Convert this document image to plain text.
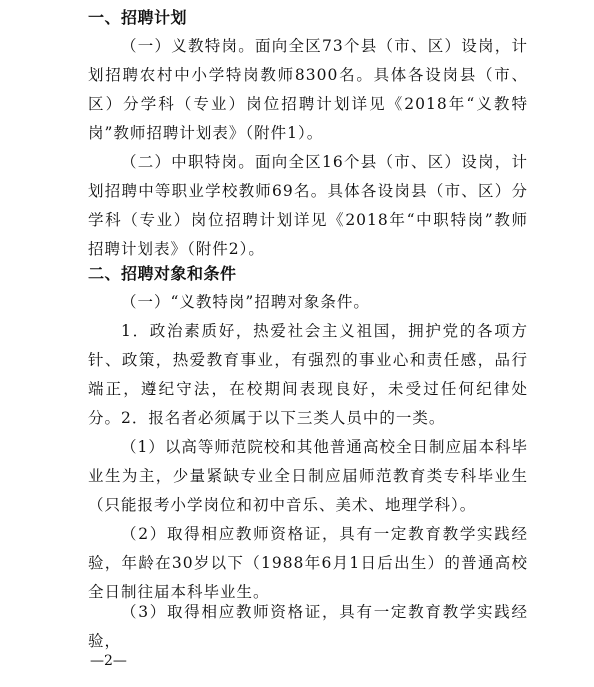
一、招聘计划
（一）义教特岗。面向全区73个县（市、区）设岗，计划招聘农村中小学特岗教师8300名。具体各设岗县（市、区）分学科（专业）岗位招聘计划详见《2018年“义教特岗”教师招聘计划表》（附件1）。
（二）中职特岗。面向全区16个县（市、区）设岗，计划招聘中等职业学校教师69名。具体各设岗县（市、区）分学科（专业）岗位招聘计划详见《2018年“中职特岗”教师招聘计划表》（附件2）。
二、招聘对象和条件
（一）“义教特岗”招聘对象条件。
1．政治素质好，热爱社会主义祖国，拥护党的各项方针、政策，热爱教育事业，有强烈的事业心和责任感，品行端正，遵纪守法，在校期间表现良好，未受过任何纪律处分。 2．报名者必须属于以下三类人员中的一类。
（1）以高等师范院校和其他普通高校全日制应届本科毕业生为主，少量紧缺专业全日制应届师范教育类专科毕业生（只能报考小学岗位和初中音乐、美术、地理学科）。
（2）取得相应教师资格证，具有一定教育教学实践经验，年龄在30岁以下（1988年6月1日后出生）的普通高校全日制往届本科毕业生。
（3）取得相应教师资格证，具有一定教育教学实践经验，
—2—
